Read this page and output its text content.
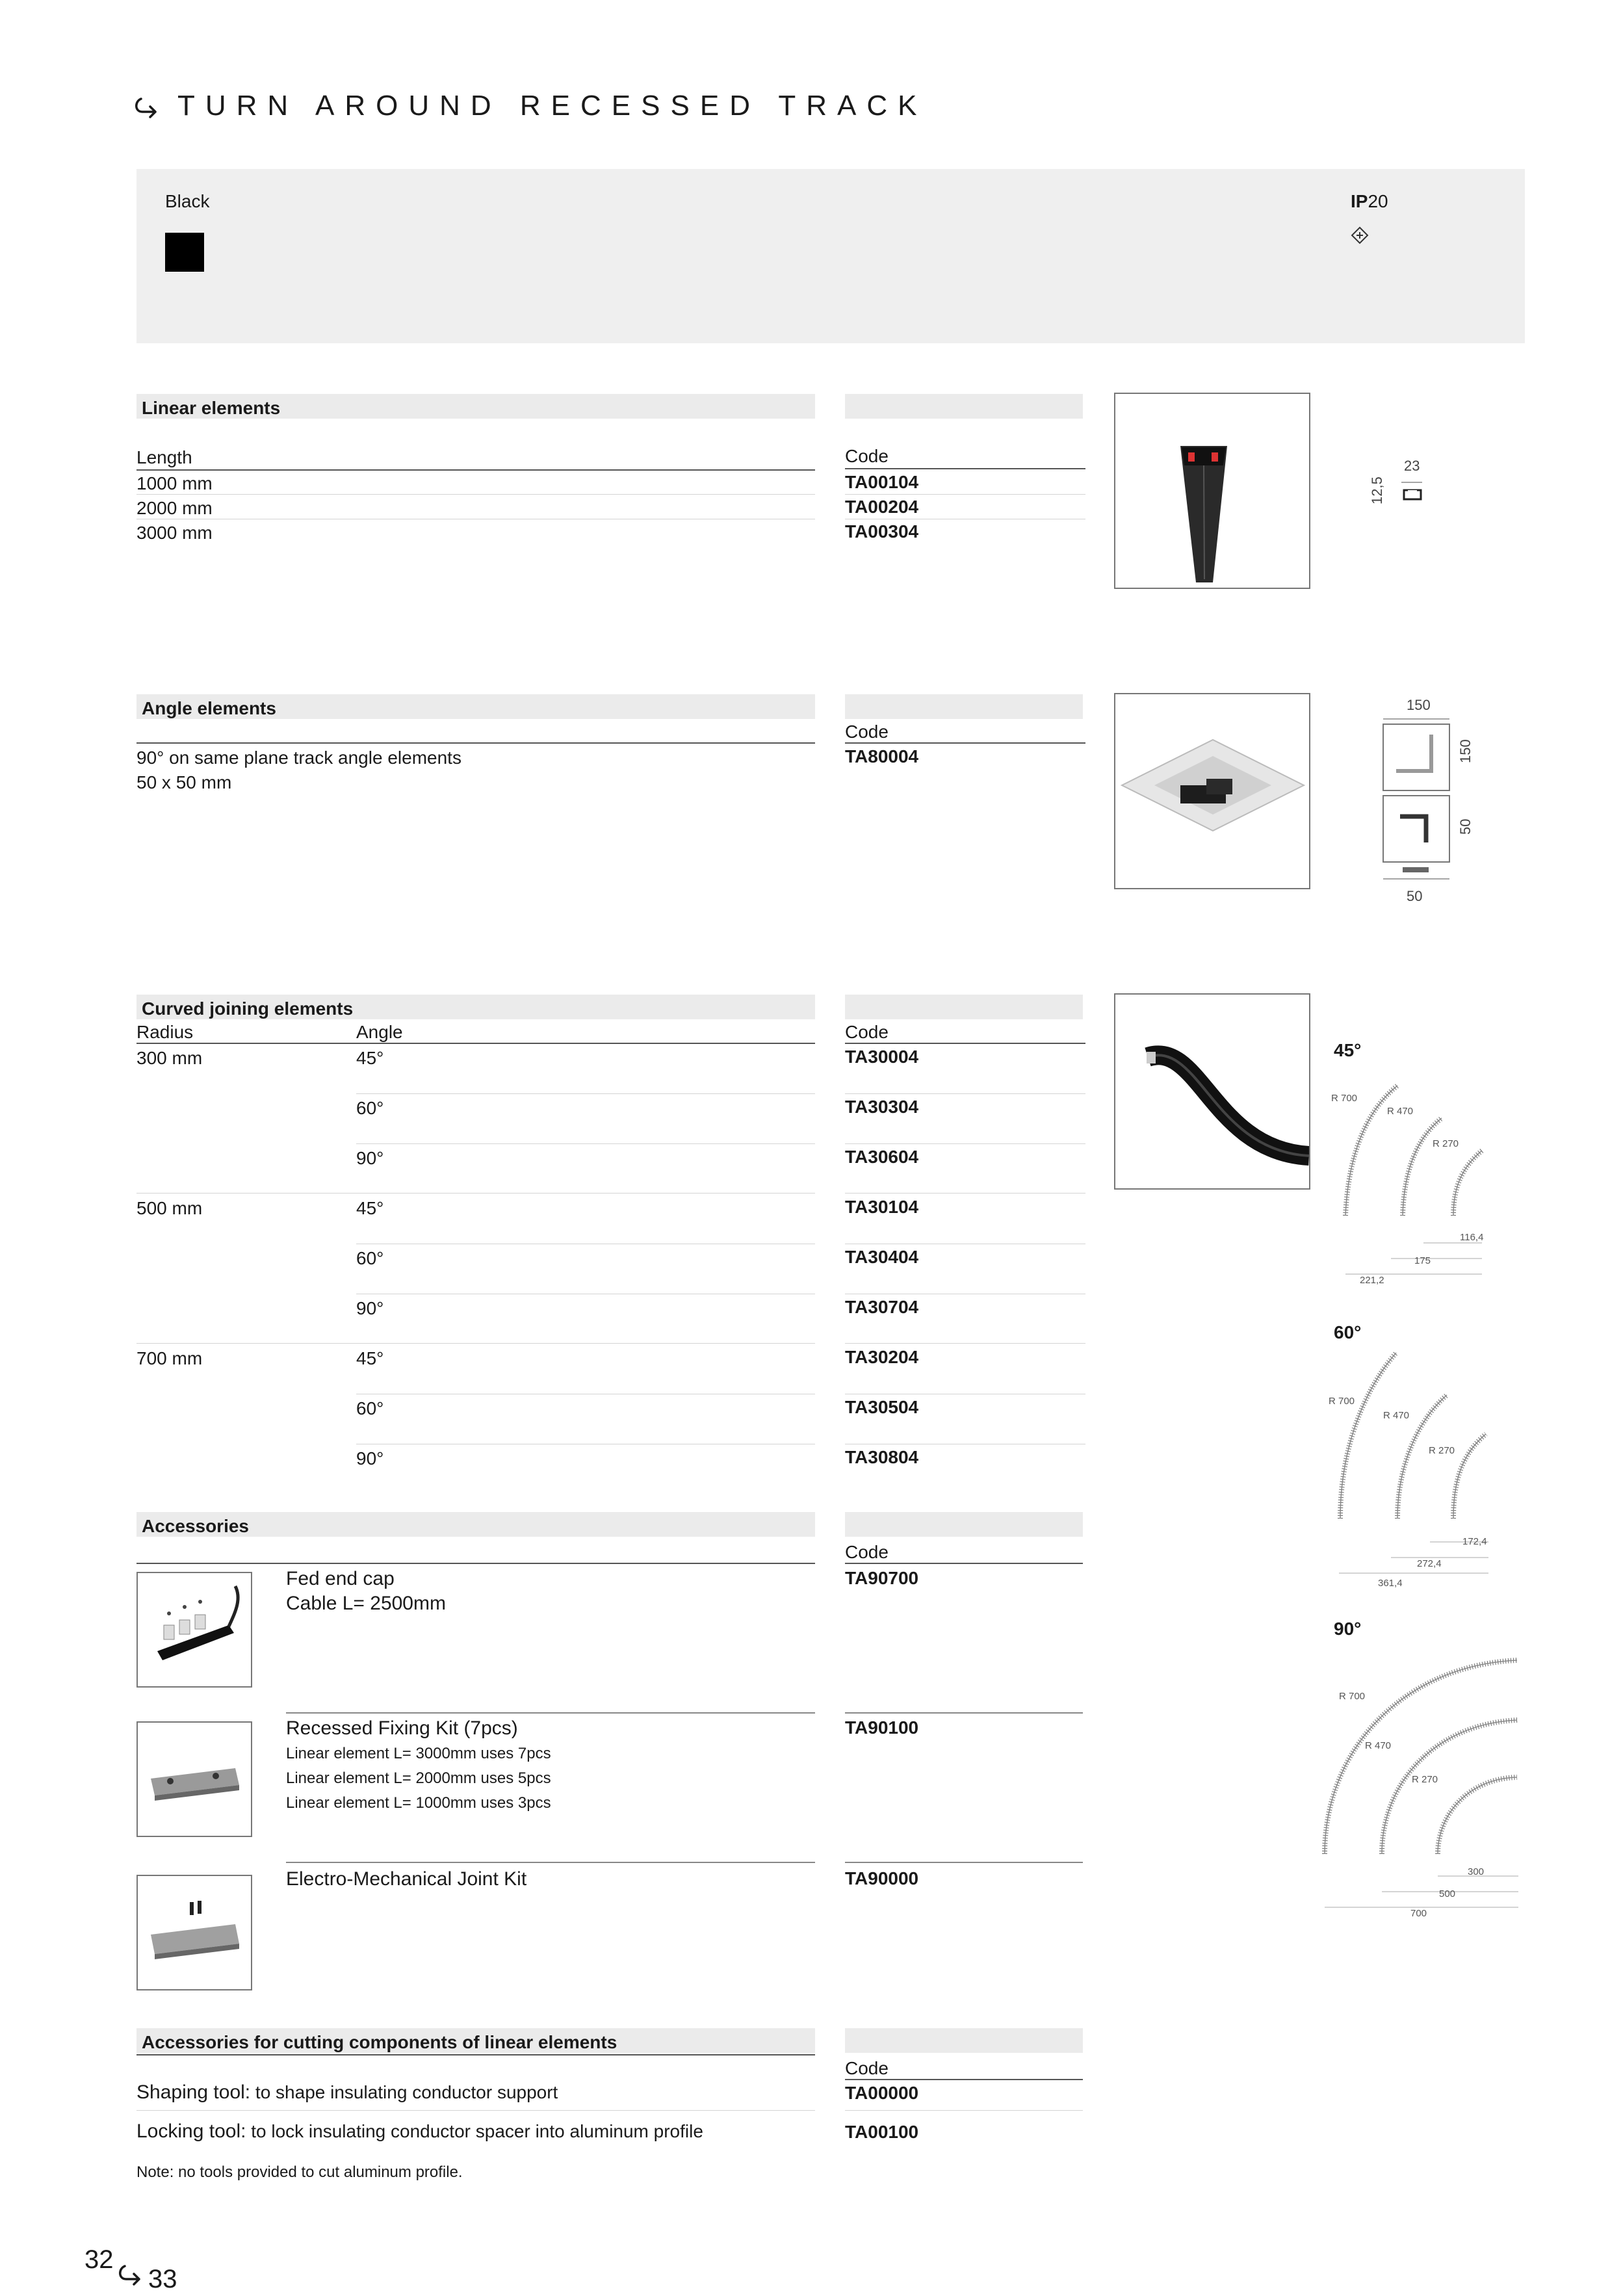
TURN AROUND RECESSED TRACK
Black	IP20
Linear elements
Length	Code
1000 mm	TA00104
2000 mm	TA00204
3000 mm	TA00304
23
12,5
Angle elements
Code
90° on same plane track angle elements
50 x 50 mm
TA80004
150
150
50
50
Curved joining elements
Radius	Angle	Code
300 mm	45°	TA30004
60°	TA30304
90°	TA30604
500 mm	45°	TA30104
60°	TA30404
90°	TA30704
700 mm	45°	TA30204
60°	TA30504
90°	TA30804
45°
R 700
R 470
R 270
116,4
175
221,2
60°
R 700
R 470
R 270
172,4
272,4
361,4
90°
R 700
R 470
R 270
300
500
700
Accessories
Code
Fed end cap
Cable L= 2500mm
TA90700
Recessed Fixing Kit (7pcs)
Linear element L= 3000mm uses 7pcs
Linear element L= 2000mm uses 5pcs
Linear element L= 1000mm uses 3pcs
TA90100
Electro-Mechanical Joint Kit	TA90000
Accessories for cutting components of linear elements
Code
Shaping tool: to shape insulating conductor support	TA00000
Locking tool: to lock insulating conductor spacer into aluminum profile	TA00100
Note: no tools provided to cut aluminum profile.
32
33
